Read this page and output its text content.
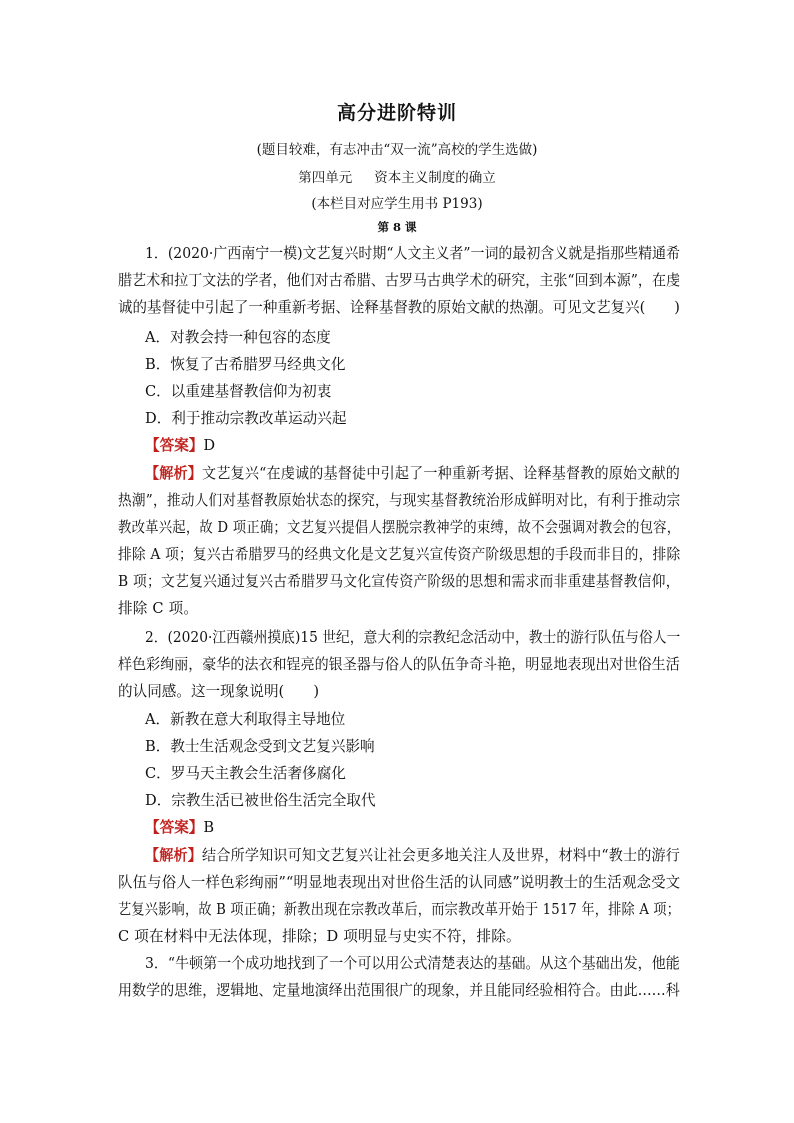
高分进阶特训
(题目较难，有志冲击“双一流”高校的学生选做)
第四单元 资本主义制度的确立
(本栏目对应学生用书 P193)
第 8 课
1．(2020·广西南宁一模)文艺复兴时期“人文主义者”一词的最初含义就是指那些精通希
腊艺术和拉丁文法的学者，他们对古希腊、古罗马古典学术的研究，主张“回到本源”，在虔
诚的基督徒中引起了一种重新考据、诠释基督教的原始文献的热潮。可见文艺复兴(　　)
A．对教会持一种包容的态度
B．恢复了古希腊罗马经典文化
C．以重建基督教信仰为初衷
D．利于推动宗教改革运动兴起
【答案】D
【解析】文艺复兴“在虔诚的基督徒中引起了一种重新考据、诠释基督教的原始文献的
热潮”，推动人们对基督教原始状态的探究，与现实基督教统治形成鲜明对比，有利于推动宗
教改革兴起，故 D 项正确；文艺复兴提倡人摆脱宗教神学的束缚，故不会强调对教会的包容，
排除 A 项；复兴古希腊罗马的经典文化是文艺复兴宣传资产阶级思想的手段而非目的，排除
B 项；文艺复兴通过复兴古希腊罗马文化宣传资产阶级的思想和需求而非重建基督教信仰，
排除 C 项。
2．(2020·江西赣州摸底)15 世纪，意大利的宗教纪念活动中，教士的游行队伍与俗人一
样色彩绚丽，豪华的法衣和锃亮的银圣器与俗人的队伍争奇斗艳，明显地表现出对世俗生活
的认同感。这一现象说明(　　)
A．新教在意大利取得主导地位
B．教士生活观念受到文艺复兴影响
C．罗马天主教会生活奢侈腐化
D．宗教生活已被世俗生活完全取代
【答案】B
【解析】结合所学知识可知文艺复兴让社会更多地关注人及世界，材料中“教士的游行
队伍与俗人一样色彩绚丽”“明显地表现出对世俗生活的认同感”说明教士的生活观念受文
艺复兴影响，故 B 项正确；新教出现在宗教改革后，而宗教改革开始于 1517 年，排除 A 项；
C 项在材料中无法体现，排除；D 项明显与史实不符，排除。
3．“牛顿第一个成功地找到了一个可以用公式清楚表达的基础。从这个基础出发，他能
用数学的思维，逻辑地、定量地演绎出范围很广的现象，并且能同经验相符合。由此……科
